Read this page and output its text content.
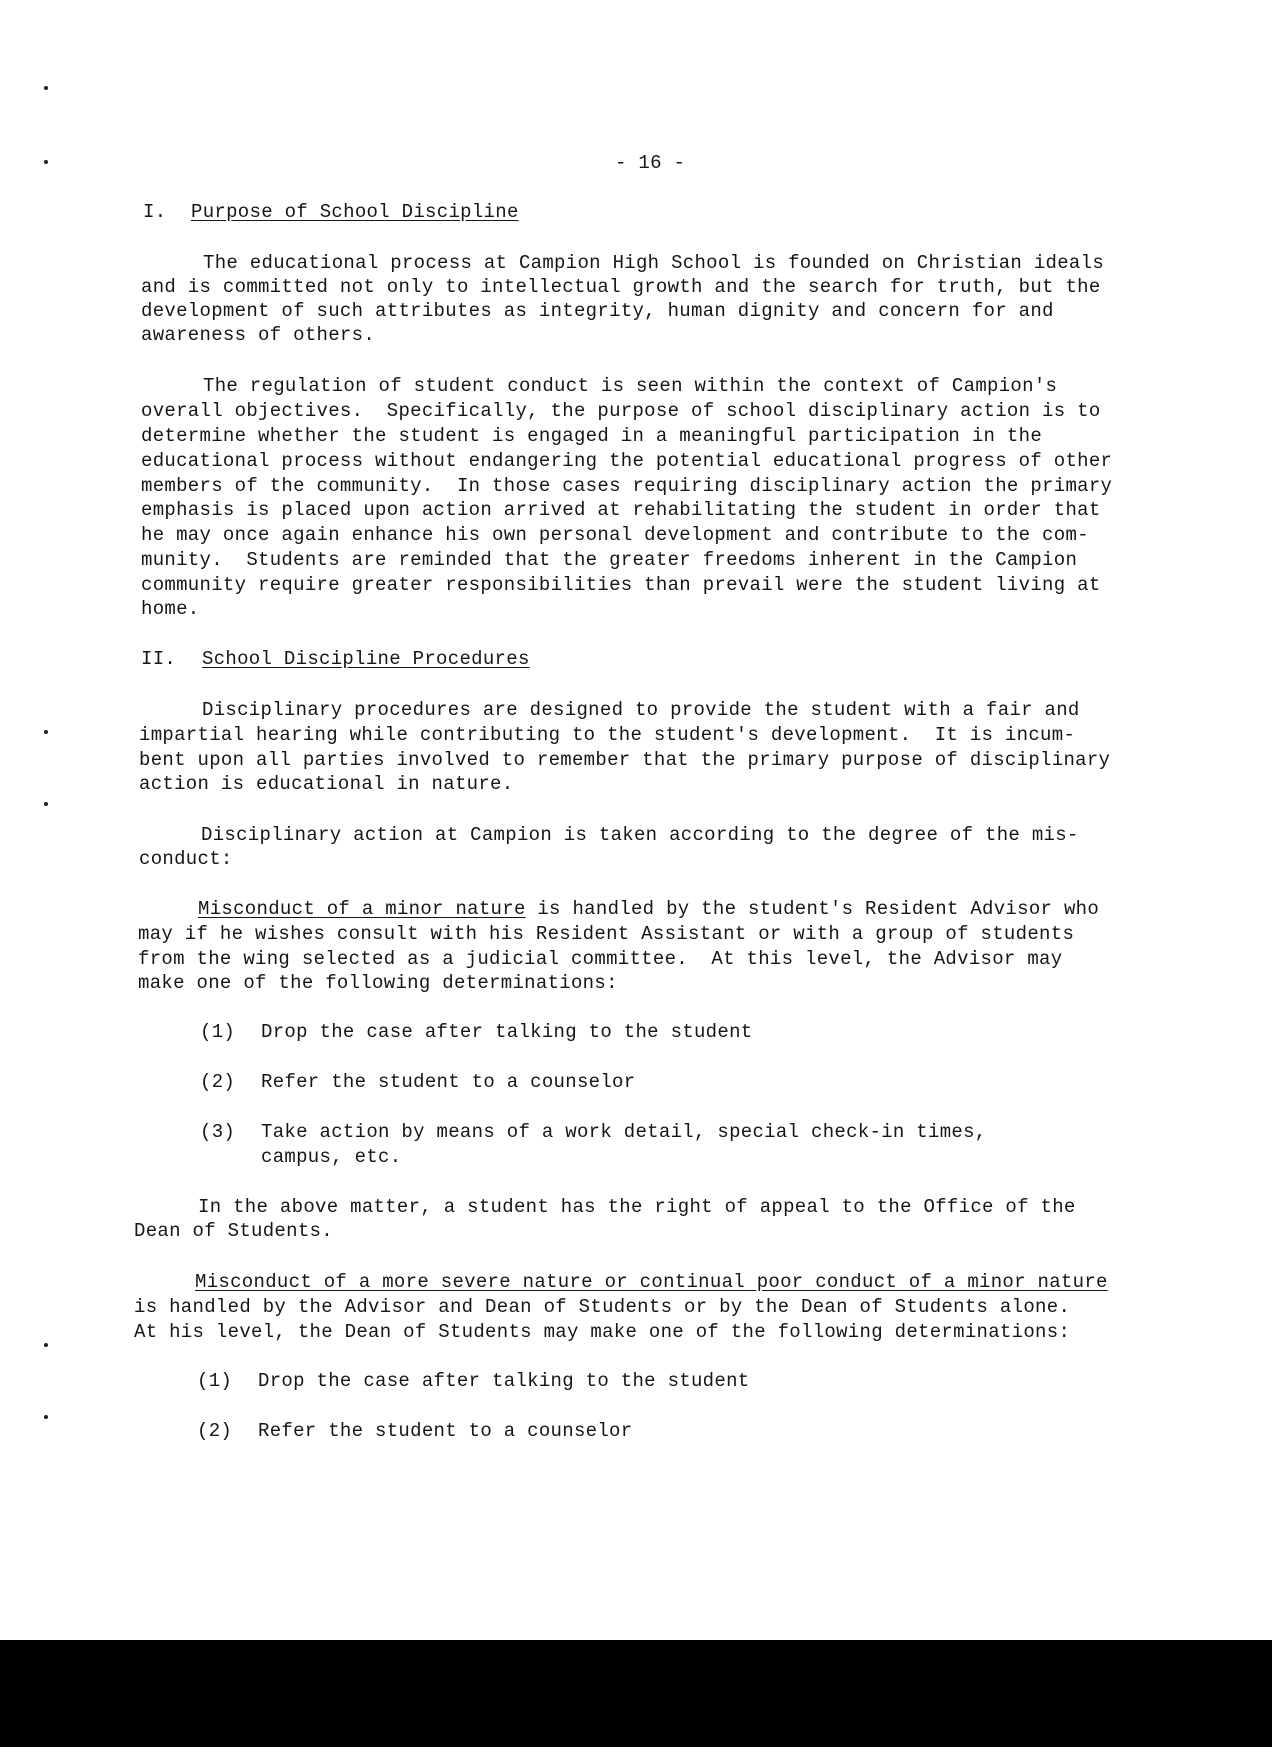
- 16 -
I. Purpose of School Discipline
The educational process at Campion High School is founded on Christian ideals
and is committed not only to intellectual growth and the search for truth, but the
development of such attributes as integrity, human dignity and concern for and
awareness of others.
The regulation of student conduct is seen within the context of Campion's
overall objectives.  Specifically, the purpose of school disciplinary action is to
determine whether the student is engaged in a meaningful participation in the
educational process without endangering the potential educational progress of other
members of the community.  In those cases requiring disciplinary action the primary
emphasis is placed upon action arrived at rehabilitating the student in order that
he may once again enhance his own personal development and contribute to the com-
munity.  Students are reminded that the greater freedoms inherent in the Campion
community require greater responsibilities than prevail were the student living at
home.
II. School Discipline Procedures
Disciplinary procedures are designed to provide the student with a fair and
impartial hearing while contributing to the student's development.  It is incum-
bent upon all parties involved to remember that the primary purpose of disciplinary
action is educational in nature.
Disciplinary action at Campion is taken according to the degree of the mis-
conduct:
Misconduct of a minor nature is handled by the student's Resident Advisor who
may if he wishes consult with his Resident Assistant or with a group of students
from the wing selected as a judicial committee.  At this level, the Advisor may
make one of the following determinations:
(1) Drop the case after talking to the student
(2) Refer the student to a counselor
(3) Take action by means of a work detail, special check-in times,
campus, etc.
In the above matter, a student has the right of appeal to the Office of the
Dean of Students.
Misconduct of a more severe nature or continual poor conduct of a minor nature
is handled by the Advisor and Dean of Students or by the Dean of Students alone.
At his level, the Dean of Students may make one of the following determinations:
(1) Drop the case after talking to the student
(2) Refer the student to a counselor
